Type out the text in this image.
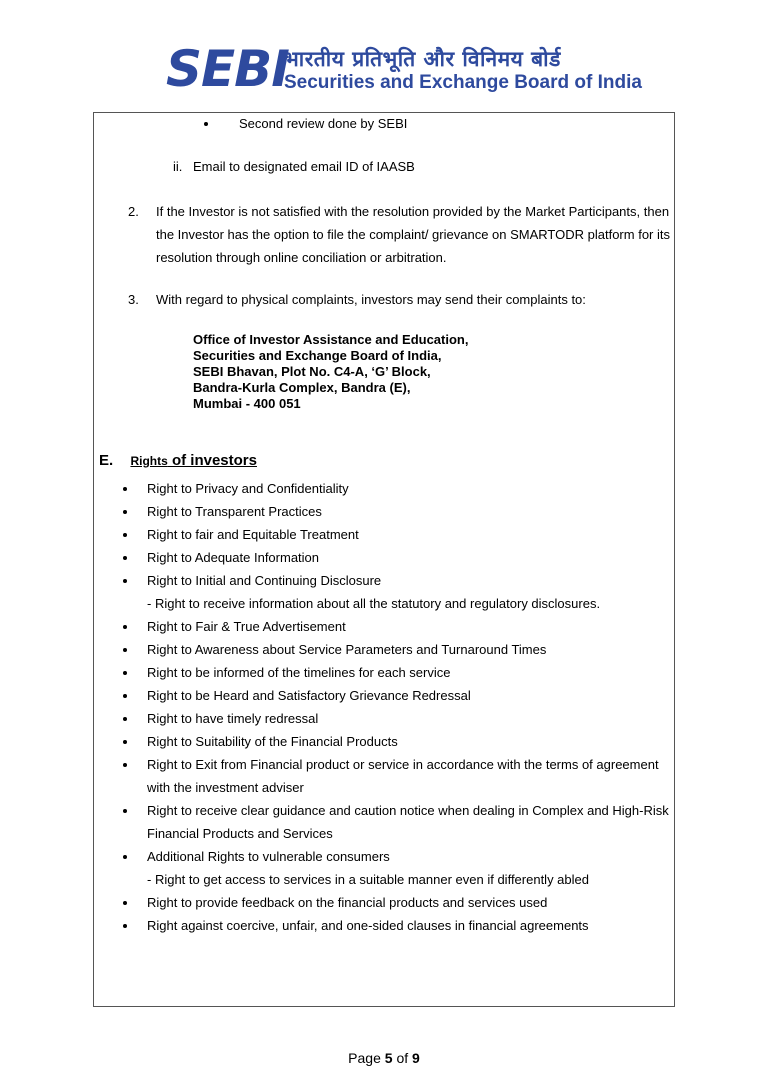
SEBI
भारतीय प्रतिभूति और विनिमय बोर्ड
Securities and Exchange Board of India
Second review done by SEBI
ii. Email to designated email ID of IAASB
2. If the Investor is not satisfied with the resolution provided by the Market Participants, then
the Investor has the option to file the complaint/ grievance on SMARTODR platform for its
resolution through online conciliation or arbitration.
3. With regard to physical complaints, investors may send their complaints to:
Office of Investor Assistance and Education,
Securities and Exchange Board of India,
SEBI Bhavan, Plot No. C4-A, ‘G’ Block,
Bandra-Kurla Complex, Bandra (E),
Mumbai - 400 051
E. Rights of investors
Right to Privacy and Confidentiality
Right to Transparent Practices
Right to fair and Equitable Treatment
Right to Adequate Information
Right to Initial and Continuing Disclosure
- Right to receive information about all the statutory and regulatory disclosures.
Right to Fair & True Advertisement
Right to Awareness about Service Parameters and Turnaround Times
Right to be informed of the timelines for each service
Right to be Heard and Satisfactory Grievance Redressal
Right to have timely redressal
Right to Suitability of the Financial Products
Right to Exit from Financial product or service in accordance with the terms of agreement
with the investment adviser
Right to receive clear guidance and caution notice when dealing in Complex and High-Risk
Financial Products and Services
Additional Rights to vulnerable consumers
- Right to get access to services in a suitable manner even if differently abled
Right to provide feedback on the financial products and services used
Right against coercive, unfair, and one-sided clauses in financial agreements
Page 5 of 9
